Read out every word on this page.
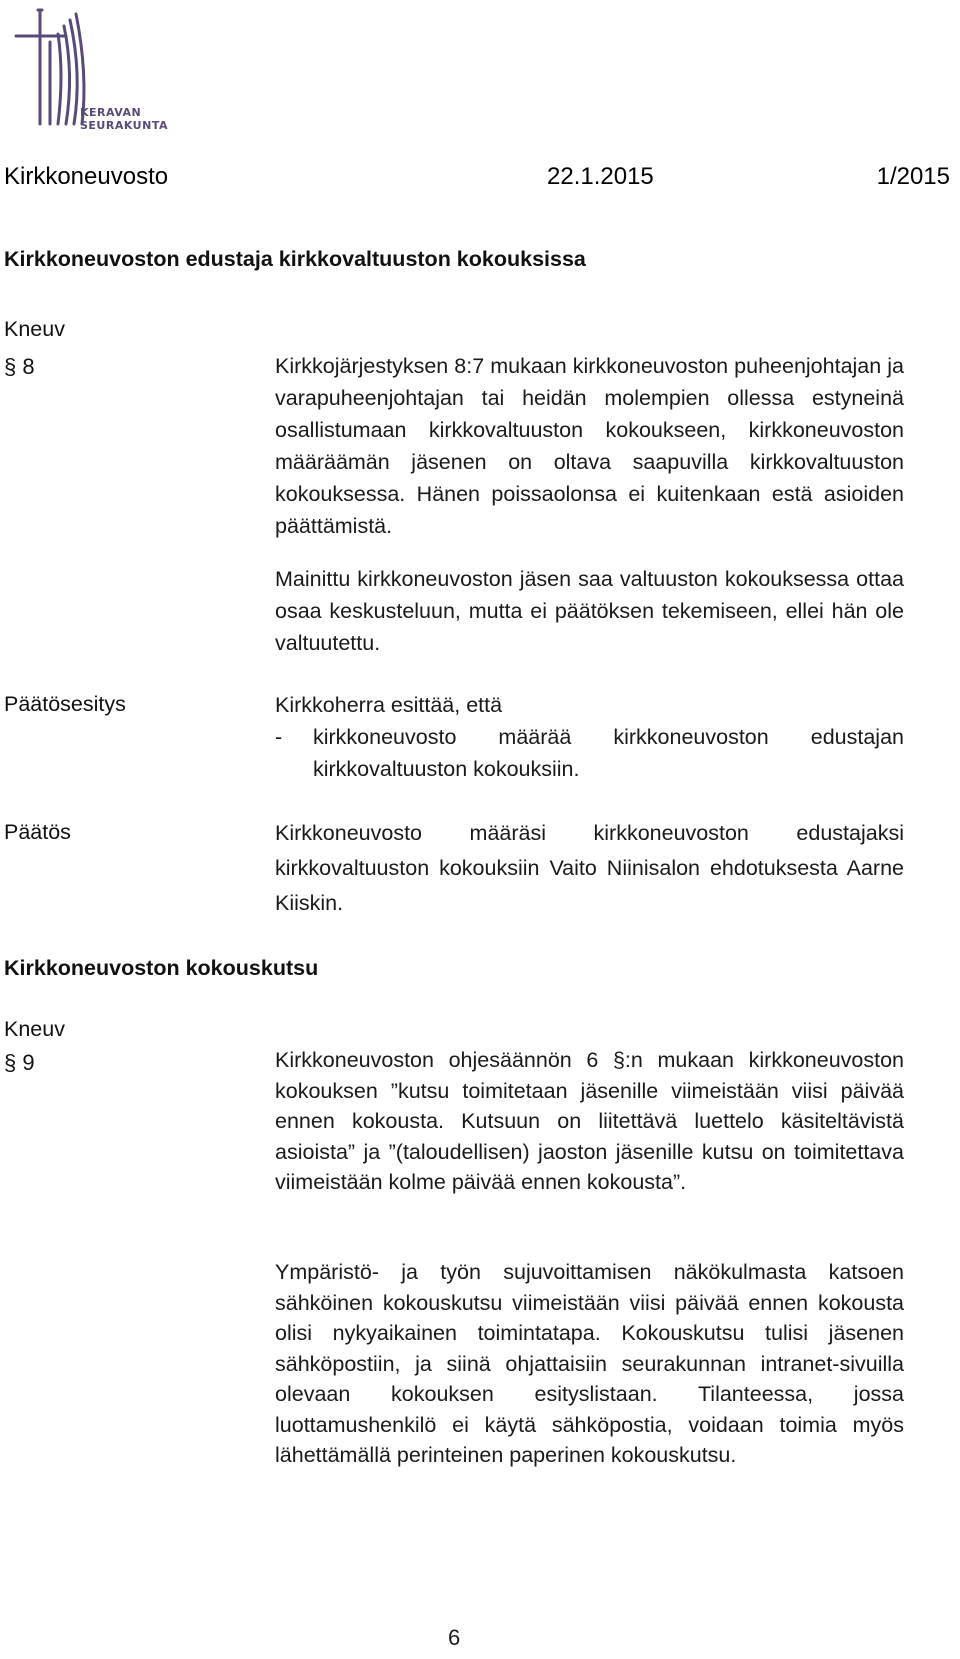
KERAVAN
SEURAKUNTA
Kirkkoneuvosto	22.1.2015	1/2015
Kirkkoneuvoston edustaja kirkkovaltuuston kokouksissa
Kneuv
§ 8	Kirkkojärjestyksen 8:7 mukaan kirkkoneuvoston puheenjohtajan ja varapuheenjohtajan tai heidän molempien ollessa estyneinä osallistumaan kirkkovaltuuston kokoukseen, kirkkoneuvoston määräämän jäsenen on oltava saapuvilla kirkkovaltuuston kokouksessa. Hänen poissaolonsa ei kuitenkaan estä asioiden päättämistä.
Mainittu kirkkoneuvoston jäsen saa valtuuston kokouksessa ottaa osaa keskusteluun, mutta ei päätöksen tekemiseen, ellei hän ole valtuutettu.
Päätösesitys	Kirkkoherra esittää, että
-	kirkkoneuvosto määrää kirkkoneuvoston edustajan kirkkovaltuuston kokouksiin.
Päätös	Kirkkoneuvosto määräsi kirkkoneuvoston edustajaksi kirkkovaltuuston kokouksiin Vaito Niinisalon ehdotuksesta Aarne Kiiskin.
Kirkkoneuvoston kokouskutsu
Kneuv
§ 9	Kirkkoneuvoston ohjesäännön 6 §:n mukaan kirkkoneuvoston kokouksen ”kutsu toimitetaan jäsenille viimeistään viisi päivää ennen kokousta. Kutsuun on liitettävä luettelo käsiteltävistä asioista” ja ”(taloudellisen) jaoston jäsenille kutsu on toimitettava viimeistään kolme päivää ennen kokousta”.
Ympäristö- ja työn sujuvoittamisen näkökulmasta katsoen sähköinen kokouskutsu viimeistään viisi päivää ennen kokousta olisi nykyaikainen toimintatapa. Kokouskutsu tulisi jäsenen sähköpostiin, ja siinä ohjattaisiin seurakunnan intranet-sivuilla olevaan kokouksen esityslistaan. Tilanteessa, jossa luottamushenkilö ei käytä sähköpostia, voidaan toimia myös lähettämällä perinteinen paperinen kokouskutsu.
6
